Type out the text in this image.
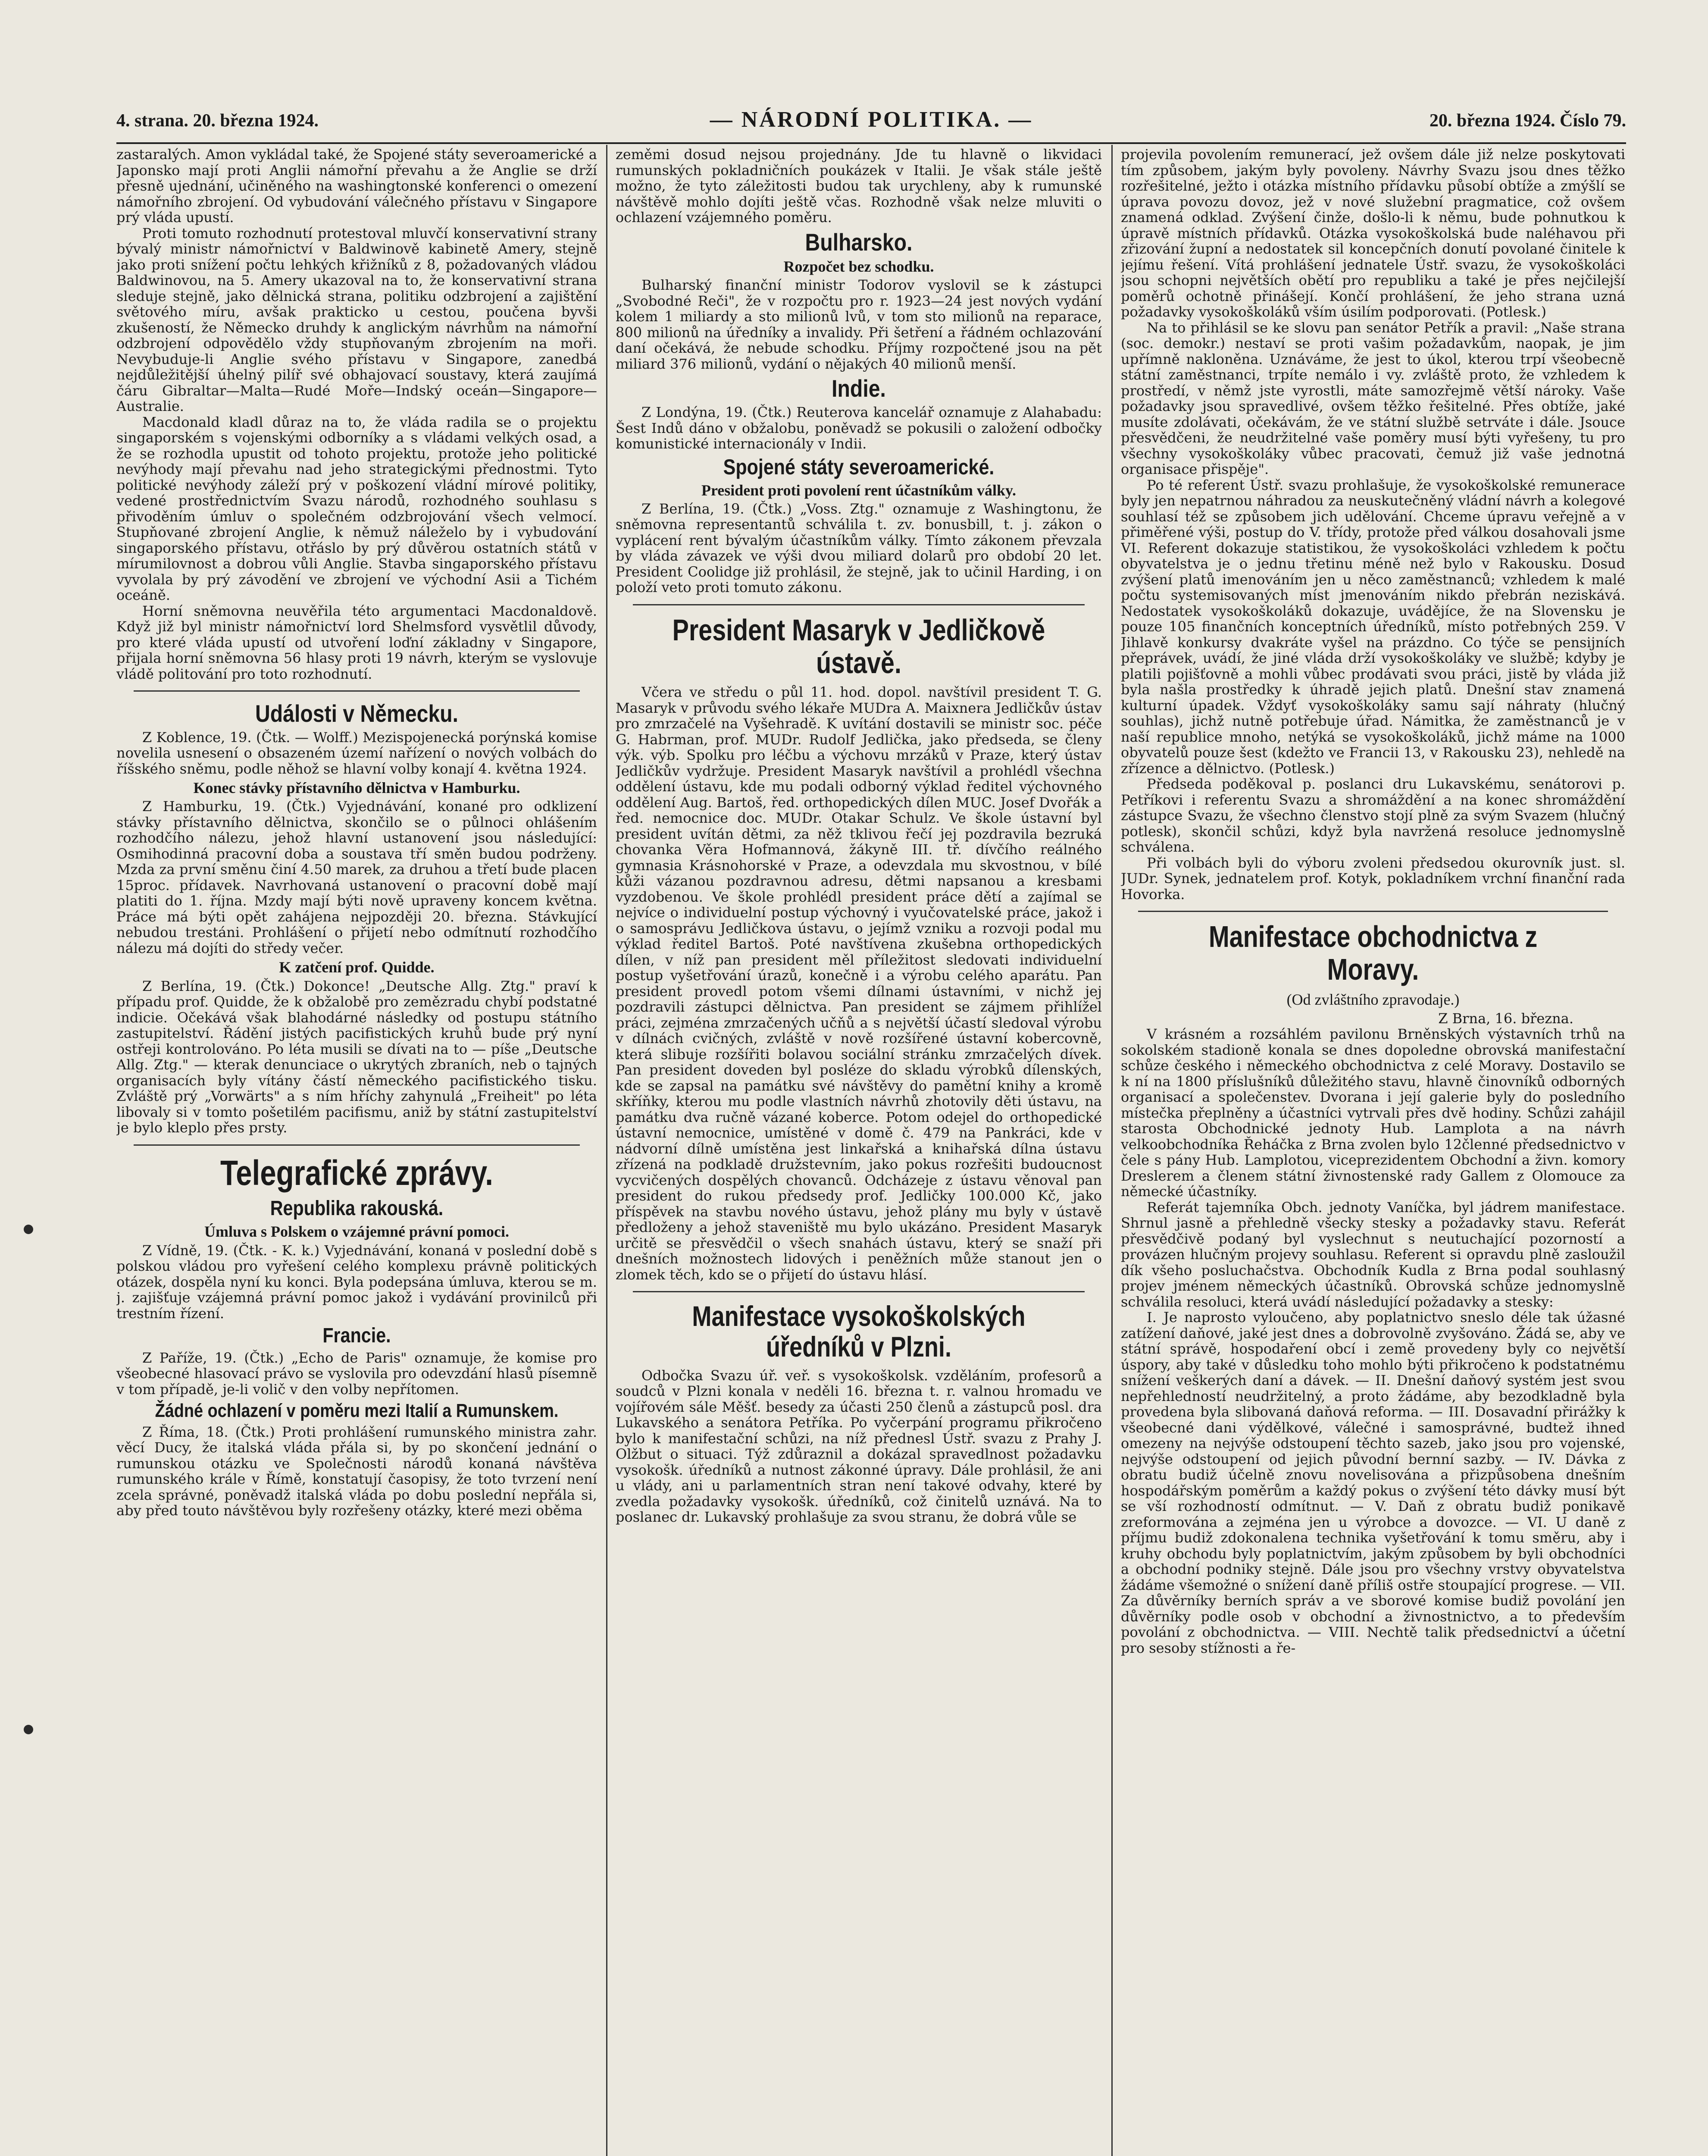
4. strana. 20. března 1924.	— NÁRODNÍ POLITIKA. —	20. března 1924. Číslo 79.

zastaralých. Amon vykládal také, že Spojené státy severoamerické a Japonsko mají proti Anglii námořní převahu a že Anglie se drží přesně ujednání, učiněného na washingtonské konferenci o omezení námořního zbrojení. Od vybudování válečného přístavu v Singapore prý vláda upustí.

Proti tomuto rozhodnutí protestoval mluvčí konservativní strany bývalý ministr námořnictví v Baldwinově kabinetě Amery, stejně jako proti snížení počtu lehkých křižníků z 8, požadovaných vládou Baldwinovou, na 5. Amery ukazoval na to, že konservativní strana sleduje stejně, jako dělnická strana, politiku odzbrojení a zajištění světového míru, avšak prakticko u cestou, poučena byvši zkušeností, že Německo druhdy k anglickým návrhům na námořní odzbrojení odpovědělo vždy stupňovaným zbrojením na moři. Nevybuduje-li Anglie svého přístavu v Singapore, zanedbá nejdůležitější úhelný pilíř své obhajovací soustavy, která zaujímá čáru Gibraltar—Malta—Rudé Moře—Indský oceán—Singapore—Australie.

Macdonald kladl důraz na to, že vláda radila se o projektu singaporském s vojenskými odborníky a s vládami velkých osad, a že se rozhodla upustit od tohoto projektu, protože jeho politické nevýhody mají převahu nad jeho strategickými přednostmi. Tyto politické nevýhody záleží prý v poškození vládní mírové politiky, vedené prostřednictvím Svazu národů, rozhodného souhlasu s přivoděním úmluv o společném odzbrojování všech velmocí. Stupňované zbrojení Anglie, k němuž náleželo by i vybudování singaporského přístavu, otřáslo by prý důvěrou ostatních států v mírumilovnost a dobrou vůli Anglie. Stavba singaporského přístavu vyvolala by prý závodění ve zbrojení ve východní Asii a Tichém oceáně.

Horní sněmovna neuvěřila této argumentaci Macdonaldově. Když již byl ministr námořnictví lord Shelmsford vysvětlil důvody, pro které vláda upustí od utvoření loďní základny v Singapore, přijala horní sněmovna 56 hlasy proti 19 návrh, kterým se vyslovuje vládě politování pro toto rozhodnutí.

Události v Německu.

Z Koblence, 19. (Čtk. — Wolff.) Mezispojenecká porýnská komise novelila usnesení o obsazeném území nařízení o nových volbách do říšského sněmu, podle něhož se hlavní volby konají 4. května 1924.

Konec stávky přístavního dělnictva v Hamburku.

Z Hamburku, 19. (Čtk.) Vyjednávání, konané pro odklizení stávky přístavního dělnictva, skončilo se o půlnoci ohlášením rozhodčího nálezu, jehož hlavní ustanovení jsou následující: Osmihodinná pracovní doba a soustava tří směn budou podrženy. Mzda za první směnu činí 4.50 marek, za druhou a třetí bude placen 15proc. přídavek. Navrhovaná ustanovení o pracovní době mají platiti do 1. října. Mzdy mají býti nově upraveny koncem května. Práce má býti opět zahájena nejpozději 20. března. Stávkující nebudou trestáni. Prohlášení o přijetí nebo odmítnutí rozhodčího nálezu má dojíti do středy večer.

K zatčení prof. Quidde.

Z Berlína, 19. (Čtk.) Dokonce! „Deutsche Allg. Ztg." praví k případu prof. Quidde, že k obžalobě pro zemězradu chybí podstatné indicie. Očekává však blahodárné následky od postupu státního zastupitelství. Řádění jistých pacifistických kruhů bude prý nyní ostřeji kontrolováno. Po léta musili se dívati na to — píše „Deutsche Allg. Ztg." — kterak denunciace o ukrytých zbraních, neb o tajných organisacích byly vítány částí německého pacifistického tisku. Zvláště prý „Vorwärts" a s ním hříchy zahynulá „Freiheit" po léta libovaly si v tomto pošetilém pacifismu, aniž by státní zastupitelství je bylo kleplo přes prsty.

Telegrafické zprávy.
Republika rakouská.
Úmluva s Polskem o vzájemné právní pomoci.

Z Vídně, 19. (Čtk. - K. k.) Vyjednávání, konaná v poslední době s polskou vládou pro vyřešení celého komplexu právně politických otázek, dospěla nyní ku konci. Byla podepsána úmluva, kterou se m. j. zajišťuje vzájemná právní pomoc jakož i vydávání provinilců při trestním řízení.

Francie.

Z Paříže, 19. (Čtk.) „Echo de Paris" oznamuje, že komise pro všeobecné hlasovací právo se vyslovila pro odevzdání hlasů písemně v tom případě, je-li volič v den volby nepřítomen.

Žádné ochlazení v poměru mezi Italií a Rumunskem.

Z Říma, 18. (Čtk.) Proti prohlášení rumunského ministra zahr. věcí Ducy, že italská vláda přála si, by po skončení jednání o rumunskou otázku ve Společnosti národů konaná návštěva rumunského krále v Římě, konstatují časopisy, že toto tvrzení není zcela správné, poněvadž italská vláda po dobu poslední nepřála si, aby před touto návštěvou byly rozřešeny otázky, které mezi oběma

zeměmi dosud nejsou projednány. Jde tu hlavně o likvidaci rumunských pokladničních poukázek v Italii. Je však stále ještě možno, že tyto záležitosti budou tak urychleny, aby k rumunské návštěvě mohlo dojíti ještě včas. Rozhodně však nelze mluviti o ochlazení vzájemného poměru.

Bulharsko.
Rozpočet bez schodku.

Bulharský finanční ministr Todorov vyslovil se k zástupci „Svobodné Reči", že v rozpočtu pro r. 1923—24 jest nových vydání kolem 1 miliardy a sto milionů lvů, v tom sto milionů na reparace, 800 milionů na úředníky a invalidy. Při šetření a řádném ochlazování daní očekává, že nebude schodku. Příjmy rozpočtené jsou na pět miliard 376 milionů, vydání o nějakých 40 milionů menší.

Indie.

Z Londýna, 19. (Čtk.) Reuterova kancelář oznamuje z Alahabadu: Šest Indů dáno v obžalobu, poněvadž se pokusili o založení odbočky komunistické internacionály v Indii.

Spojené státy severoamerické.
President proti povolení rent účastníkům války.

Z Berlína, 19. (Čtk.) „Voss. Ztg." oznamuje z Washingtonu, že sněmovna representantů schválila t. zv. bonusbill, t. j. zákon o vyplácení rent bývalým účastníkům války. Tímto zákonem převzala by vláda závazek ve výši dvou miliard dolarů pro období 20 let. President Coolidge již prohlásil, že stejně, jak to učinil Harding, i on položí veto proti tomuto zákonu.

President Masaryk v Jedličkově ústavě.

Včera ve středu o půl 11. hod. dopol. navštívil president T. G. Masaryk v průvodu svého lékaře MUDra A. Maixnera Jedličkův ústav pro zmrzačelé na Vyšehradě. K uvítání dostavili se ministr soc. péče G. Habrman, prof. MUDr. Rudolf Jedlička, jako předseda, se členy výk. výb. Spolku pro léčbu a výchovu mrzáků v Praze, který ústav Jedličkův vydržuje. President Masaryk navštívil a prohlédl všechna oddělení ústavu, kde mu podali odborný výklad ředitel výchovného oddělení Aug. Bartoš, řed. orthopedických dílen MUC. Josef Dvořák a řed. nemocnice doc. MUDr. Otakar Schulz. Ve škole ústavní byl president uvítán dětmi, za něž tklivou řečí jej pozdravila bezruká chovanka Věra Hofmannová, žákyně III. tř. dívčího reálného gymnasia Krásnohorské v Praze, a odevzdala mu skvostnou, v bílé kůži vázanou pozdravnou adresu, dětmi napsanou a kresbami vyzdobenou. Ve škole prohlédl president práce dětí a zajímal se nejvíce o individuelní postup výchovný i vyučovatelské práce, jakož i o samosprávu Jedličkova ústavu, o jejímž vzniku a rozvoji podal mu výklad ředitel Bartoš. Poté navštívena zkušebna orthopedických dílen, v níž pan president měl příležitost sledovati individuelní postup vyšetřování úrazů, konečně i a výrobu celého aparátu. Pan president provedl potom všemi dílnami ústavními, v nichž jej pozdravili zástupci dělnictva. Pan president se zájmem přihlížel práci, zejména zmrzačených učňů a s největší účastí sledoval výrobu v dílnách cvičných, zvláště v nově rozšířené ústavní kobercovně, která slibuje rozšířiti bolavou sociální stránku zmrzačelých dívek. Pan president doveden byl posléze do skladu výrobků dílenských, kde se zapsal na památku své návštěvy do pamětní knihy a kromě skříňky, kterou mu podle vlastních návrhů zhotovily děti ústavu, na památku dva ručně vázané koberce. Potom odejel do orthopedické ústavní nemocnice, umístěné v domě č. 479 na Pankráci, kde v nádvorní dílně umístěna jest linkařská a knihařská dílna ústavu zřízená na podkladě družstevním, jako pokus rozřešiti budoucnost vycvičených dospělých chovanců. Odcházeje z ústavu věnoval pan president do rukou předsedy prof. Jedličky 100.000 Kč, jako příspěvek na stavbu nového ústavu, jehož plány mu byly v ústavě předloženy a jehož staveniště mu bylo ukázáno. President Masaryk určitě se přesvědčil o všech snahách ústavu, který se snaží při dnešních možnostech lidových i peněžních může stanout jen o zlomek těch, kdo se o přijetí do ústavu hlásí.

Manifestace vysokoškolských úředníků v Plzni.

Odbočka Svazu úř. veř. s vysokoškolsk. vzděláním, profesorů a soudců v Plzni konala v neděli 16. března t. r. valnou hromadu ve vojířovém sále Měšť. besedy za účasti 250 členů a zástupců posl. dra Lukavského a senátora Petříka. Po vyčerpání programu přikročeno bylo k manifestační schůzi, na níž přednesl Ústř. svazu z Prahy J. Olžbut o situaci. Týž zdůraznil a dokázal spravedlnost požadavku vysokošk. úředníků a nutnost zákonné úpravy. Dále prohlásil, že ani u vlády, ani u parlamentních stran není takové odvahy, které by zvedla požadavky vysokošk. úředníků, což činitelů uznává. Na to poslanec dr. Lukavský prohlašuje za svou stranu, že dobrá vůle se

projevila povolením remunerací, jež ovšem dále již nelze poskytovati tím způsobem, jakým byly povoleny. Návrhy Svazu jsou dnes těžko rozřešitelné, ježto i otázka místního přídavku působí obtíže a zmýšlí se úprava povozu dovoz, jež v nové služební pragmatice, což ovšem znamená odklad. Zvýšení činže, došlo-li k němu, bude pohnutkou k úpravě místních přídavků. Otázka vysokoškolská bude naléhavou při zřizování župní a nedostatek sil koncepčních donutí povolané činitele k jejímu řešení. Vítá prohlášení jednatele Ústř. svazu, že vysokoškoláci jsou schopni největších obětí pro republiku a také je přes nejčilejší poměrů ochotně přinášejí. Končí prohlášení, že jeho strana uzná požadavky vysokoškoláků vším úsilím podporovati. (Potlesk.)

Na to přihlásil se ke slovu pan senátor Petřík a pravil: „Naše strana (soc. demokr.) nestaví se proti vašim požadavkům, naopak, je jim upřímně nakloněna. Uznáváme, že jest to úkol, kterou trpí všeobecně státní zaměstnanci, trpíte nemálo i vy. zvláště proto, že vzhledem k prostředí, v němž jste vyrostli, máte samozřejmě větší nároky. Vaše požadavky jsou spravedlivé, ovšem těžko řešitelné. Přes obtíže, jaké musíte zdolávati, očekávám, že ve státní službě setrváte i dále. Jsouce přesvědčeni, že neudržitelné vaše poměry musí býti vyřešeny, tu pro všechny vysokoškoláky vůbec pracovati, čemuž již vaše jednotná organisace přispěje".

Po té referent Ústř. svazu prohlašuje, že vysokoškolské remunerace byly jen nepatrnou náhradou za neuskutečněný vládní návrh a kolegové souhlasí též se způsobem jich udělování. Chceme úpravu veřejně a v přiměřené výši, postup do V. třídy, protože před válkou dosahovali jsme VI. Referent dokazuje statistikou, že vysokoškoláci vzhledem k počtu obyvatelstva je o jednu třetinu méně než bylo v Rakousku. Dosud zvýšení platů imenováním jen u něco zaměstnanců; vzhledem k malé počtu systemisovaných míst jmenováním nikdo přebrán neziskává. Nedostatek vysokoškoláků dokazuje, uvádějíce, že na Slovensku je pouze 105 finančních konceptních úředníků, místo potřebných 259. V Jihlavě konkursy dvakráte vyšel na prázdno. Co týče se pensijních přeprávek, uvádí, že jiné vláda drží vysokoškoláky ve službě; kdyby je platili pojišťovně a mohli vůbec prodávati svou práci, jistě by vláda již byla našla prostředky k úhradě jejich platů. Dnešní stav znamená kulturní úpadek. Vždyť vysokoškoláky samu sají náhraty (hlučný souhlas), jichž nutně potřebuje úřad. Námitka, že zaměstnanců je v naší republice mnoho, netýká se vysokoškoláků, jichž máme na 1000 obyvatelů pouze šest (kdežto ve Francii 13, v Rakousku 23), nehledě na zřízence a dělnictvo. (Potlesk.)

Předseda poděkoval p. poslanci dru Lukavskému, senátorovi p. Petříkovi i referentu Svazu a shromáždění a na konec shromáždění zástupce Svazu, že všechno členstvo stojí plně za svým Svazem (hlučný potlesk), skončil schůzi, když byla navržená resoluce jednomyslně schválena.

Při volbách byli do výboru zvoleni předsedou okurovník just. sl. JUDr. Synek, jednatelem prof. Kotyk, pokladníkem vrchní finanční rada Hovorka.

Manifestace obchodnictva z Moravy.
(Od zvláštního zpravodaje.)

Z Brna, 16. března.

V krásném a rozsáhlém pavilonu Brněnských výstavních trhů na sokolském stadioně konala se dnes dopoledne obrovská manifestační schůze českého i německého obchodnictva z celé Moravy. Dostavilo se k ní na 1800 příslušníků důležitého stavu, hlavně činovníků odborných organisací a společenstev. Dvorana i její galerie byly do posledního místečka přeplněny a účastníci vytrvali přes dvě hodiny. Schůzi zahájil starosta Obchodnické jednoty Hub. Lamplota a na návrh velkoobchodníka Řeháčka z Brna zvolen bylo 12členné předsednictvo v čele s pány Hub. Lamplotou, viceprezidentem Obchodní a živn. komory Dreslerem a členem státní živnostenské rady Gallem z Olomouce za německé účastníky.

Referát tajemníka Obch. jednoty Vaníčka, byl jádrem manifestace. Shrnul jasně a přehledně všecky stesky a požadavky stavu. Referát přesvědčivě podaný byl vyslechnut s neutuchající pozorností a provázen hlučným projevy souhlasu. Referent si opravdu plně zasloužil dík všeho posluchačstva. Obchodník Kudla z Brna podal souhlasný projev jménem německých účastníků. Obrovská schůze jednomyslně schválila resoluci, která uvádí následující požadavky a stesky:

I. Je naprosto vyloučeno, aby poplatnictvo sneslo déle tak úžasné zatížení daňové, jaké jest dnes a dobrovolně zvyšováno. Žádá se, aby ve státní správě, hospodaření obcí i země provedeny byly co největší úspory, aby také v důsledku toho mohlo býti přikročeno k podstatnému snížení veškerých daní a dávek. — II. Dnešní daňový systém jest svou nepřehledností neudržitelný, a proto žádáme, aby bezodkladně byla provedena byla slibovaná daňová reforma. — III. Dosavadní přirážky k všeobecné dani výdělkové, válečné i samosprávné, budtež ihned omezeny na nejvýše odstoupení těchto sazeb, jako jsou pro vojenské, nejvýše odstoupení od jejich původní bernní sazby. — IV. Dávka z obratu budiž účelně znovu novelisována a přizpůsobena dnešním hospodářským poměrům a každý pokus o zvýšení této dávky musí být se vší rozhodností odmítnut. — V. Daň z obratu budiž ponikavě zreformována a zejména jen u výrobce a dovozce. — VI. U daně z příjmu budiž zdokonalena technika vyšetřování k tomu směru, aby i kruhy obchodu byly poplatnictvím, jakým způsobem by byli obchodníci a obchodní podniky stejně. Dále jsou pro všechny vrstvy obyvatelstva žádáme všemožné o snížení daně příliš ostře stoupající progrese. — VII. Za důvěrníky berních správ a ve sborové komise budiž povolání jen důvěrníky podle osob v obchodní a živnostnictvo, a to především povolání z obchodnictva. — VIII. Nechtě talik předsednictví a účetní pro sesoby stížnosti a ře-
